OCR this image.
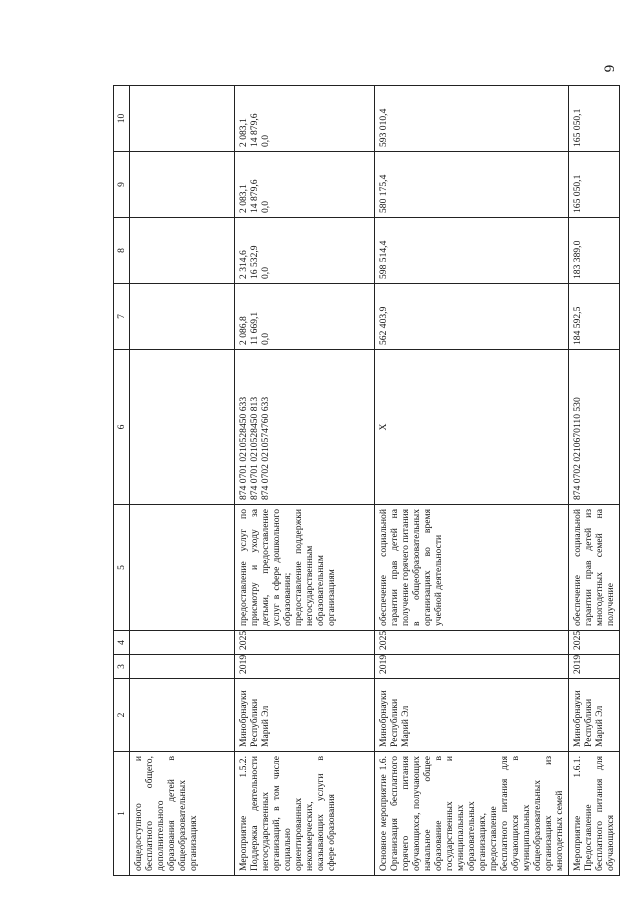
6
1	2	3	4	5	6	7	8	9	10
общедоступного и бесплатного общего, дополнительного образования детей в общеобразовательных организациях									
Мероприятие 1.5.2. Поддержка деятельности негосударственных организаций, в том числе социально ориентированных некоммерческих, оказывающих услуги в сфере образования	Минобрнауки Республики Марий Эл	2019	2025	предоставление услуг по присмотру и уходу за детьми, предоставление услуг в сфере дошкольного образования; предоставление поддержки негосударственным образовательным организациям	874 0701 0210528450 633 874 0701 0210528450 813 874 0702 0210574760 633	2 086,8 11 669,1 0,0	2 314,6 16 532,9 0,0	2 083,1 14 879,6 0,0	2 083,1 14 879,6 0,0

Основное мероприятие 1.6. Организация бесплатного горячего питания обучающихся, получающих начальное общее образование в государственных и муниципальных образовательных организациях, предоставление бесплатного питания для обучающихся в муниципальных общеобразовательных организациях из многодетных семей	Минобрнауки Республики Марий Эл	2019	2025	обеспечение социальной гарантии прав детей на получение горячего питания в общеобразовательных организациях во время учебной деятельности	X	562 403,9	598 514,4	580 175,4	593 010,4

Мероприятие 1.6.1. Предоставление бесплатного питания для обучающихся	Минобрнауки Республики Марий Эл	2019	2025	обеспечение социальной гарантии прав детей из многодетных семей на получение	874 0702 0210670110 530	184 592,5	183 389,0	165 050,1	165 050,1
